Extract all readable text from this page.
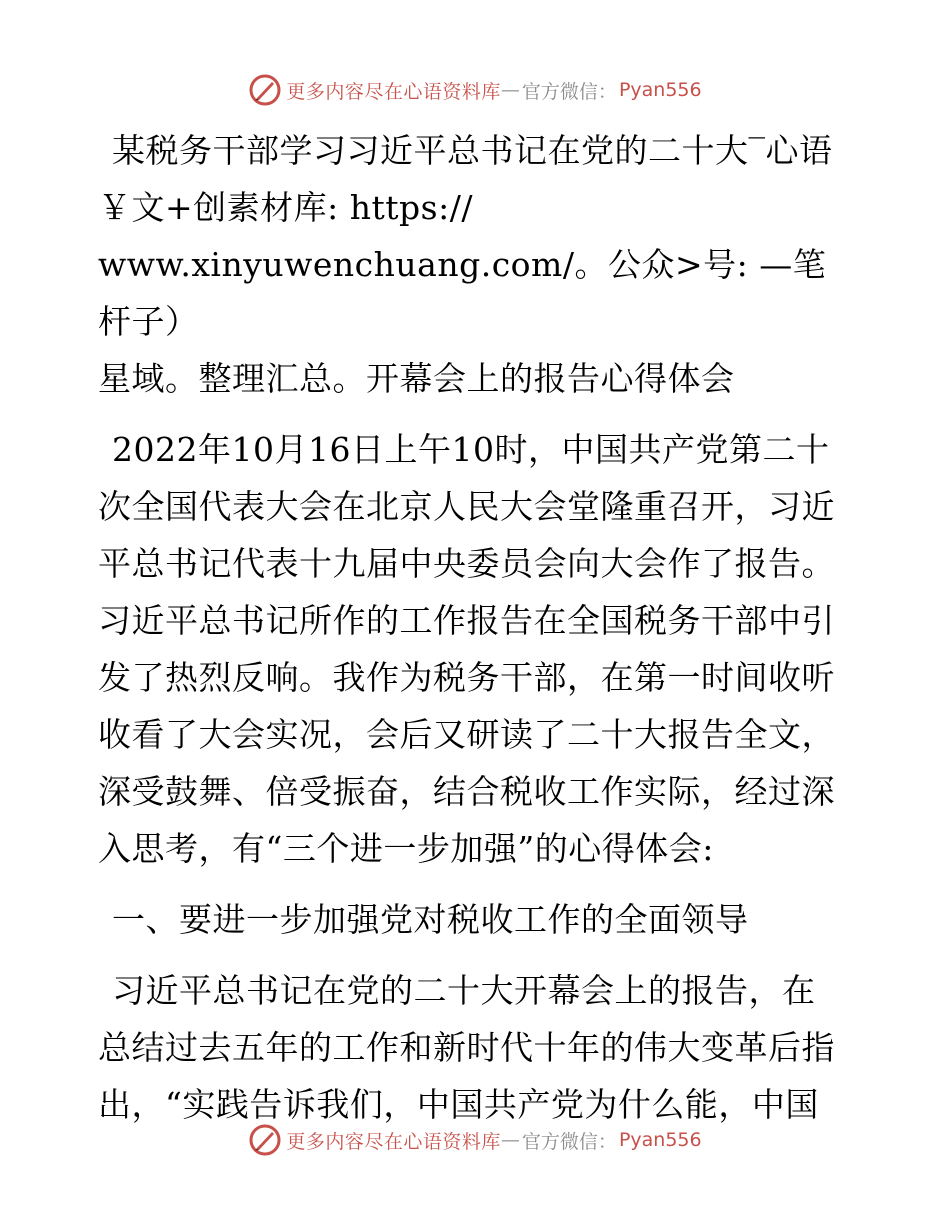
更多内容尽在心语资料库 — 官方微信： Pyan556

某税务干部学习习近平总书记在党的二十大‾心语
￥文+创素材库: https://
www.xinyuwenchuang.com/。公众>号: —笔杆子）
星域。整理汇总。开幕会上的报告心得体会

2022年10月16日上午10时，中国共产党第二十
次全国代表大会在北京人民大会堂隆重召开，习近
平总书记代表十九届中央委员会向大会作了报告。
习近平总书记所作的工作报告在全国税务干部中引
发了热烈反响。我作为税务干部，在第一时间收听
收看了大会实况，会后又研读了二十大报告全文，
深受鼓舞、倍受振奋，结合税收工作实际，经过深
入思考，有“三个进一步加强”的心得体会:

一、要进一步加强党对税收工作的全面领导

习近平总书记在党的二十大开幕会上的报告，在
总结过去五年的工作和新时代十年的伟大变革后指
出，“实践告诉我们，中国共产党为什么能，中国

更多内容尽在心语资料库 — 官方微信： Pyan556
